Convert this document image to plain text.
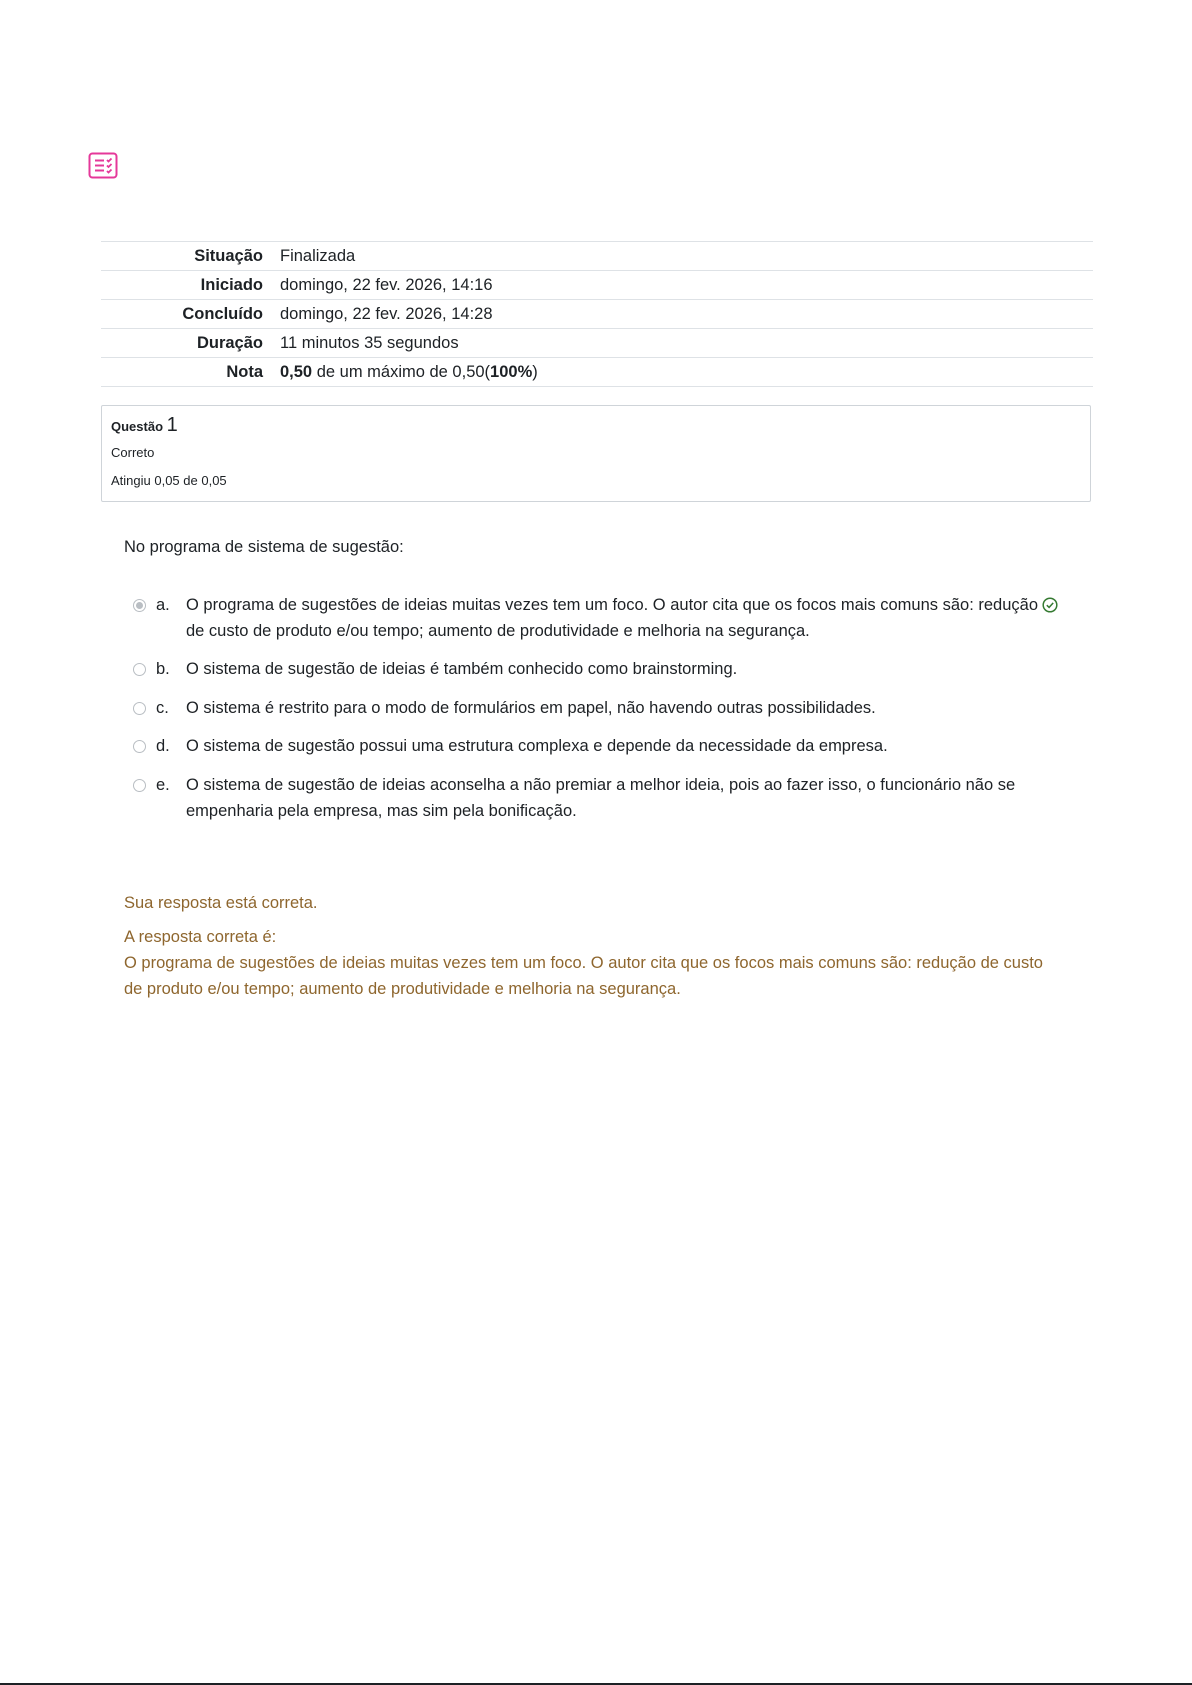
Situação	Finalizada
Iniciado	domingo, 22 fev. 2026, 14:16
Concluído	domingo, 22 fev. 2026, 14:28
Duração	11 minutos 35 segundos
Nota	0,50 de um máximo de 0,50(100%)
Questão 1
Correto
Atingiu 0,05 de 0,05
No programa de sistema de sugestão:
a. O programa de sugestões de ideias muitas vezes tem um foco. O autor cita que os focos mais comuns são: redução de custo de produto e/ou tempo; aumento de produtividade e melhoria na segurança.
b. O sistema de sugestão de ideias é também conhecido como brainstorming.
c.	O sistema é restrito para o modo de formulários em papel, não havendo outras possibilidades.
d. O sistema de sugestão possui uma estrutura complexa e depende da necessidade da empresa.
e. O sistema de sugestão de ideias aconselha a não premiar a melhor ideia, pois ao fazer isso, o funcionário não se empenharia pela empresa, mas sim pela bonificação.
Sua resposta está correta.
A resposta correta é:
O programa de sugestões de ideias muitas vezes tem um foco. O autor cita que os focos mais comuns são: redução de custo de produto e/ou tempo; aumento de produtividade e melhoria na segurança.
